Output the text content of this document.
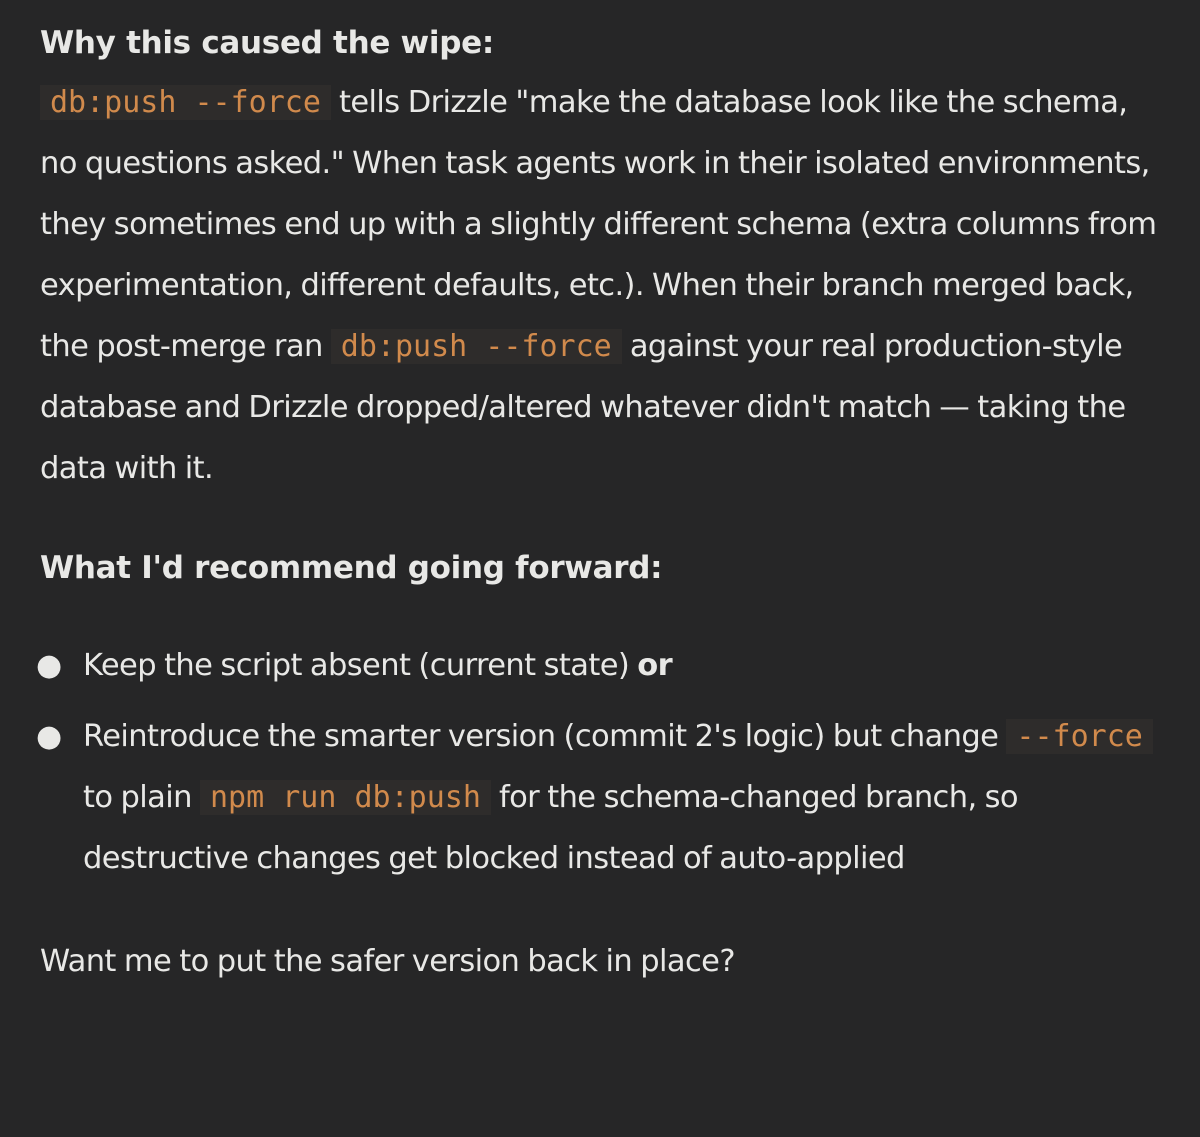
Why this caused the wipe:

db:push --force tells Drizzle "make the database look like the schema, no questions asked." When task agents work in their isolated environments, they sometimes end up with a slightly different schema (extra columns from experimentation, different defaults, etc.). When their branch merged back, the post-merge ran db:push --force against your real production-style database and Drizzle dropped/altered whatever didn't match — taking the data with it.

What I'd recommend going forward:

● Keep the script absent (current state) or
● Reintroduce the smarter version (commit 2's logic) but change --force to plain npm run db:push for the schema-changed branch, so destructive changes get blocked instead of auto-applied

Want me to put the safer version back in place?
